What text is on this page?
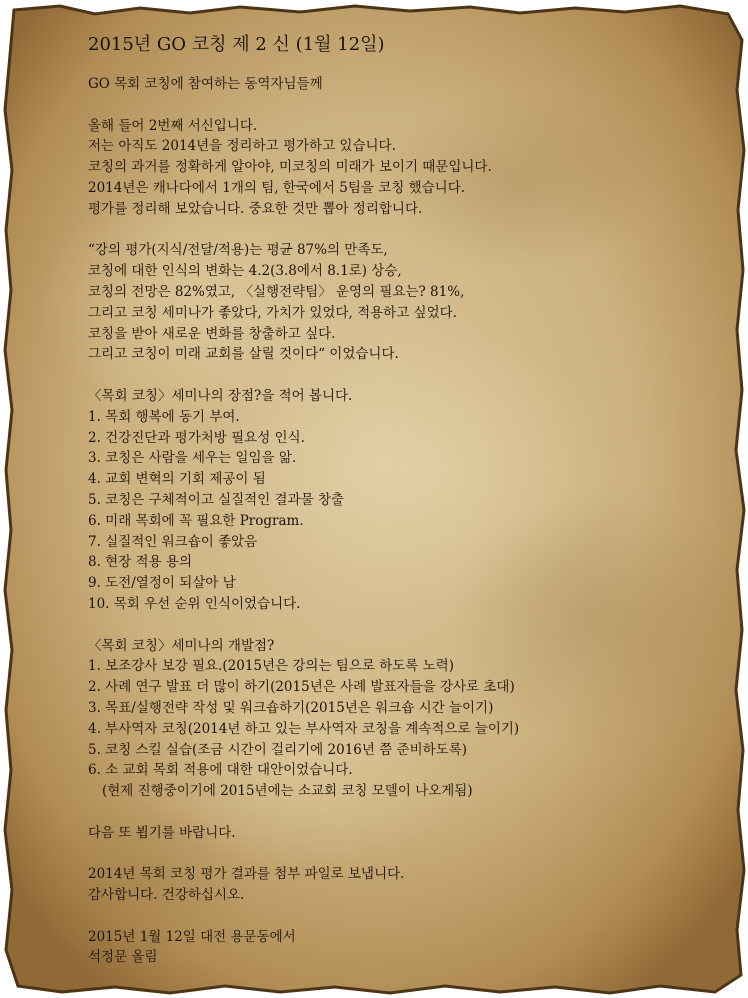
2015년 GO 코칭 제 2 신 (1월 12일)
GO 목회 코칭에 참여하는 동역자님들께
올해 들어 2번째 서신입니다.
저는 아직도 2014년을 정리하고 평가하고 있습니다.
코칭의 과거를 정확하게 알아야, 미코칭의 미래가 보이기 때문입니다.
2014년은 캐나다에서 1개의 팀, 한국에서 5팀을 코칭 했습니다.
평가를 정리해 보았습니다. 중요한 것만 뽑아 정리합니다.
“강의 평가(지식/전달/적용)는 평균 87%의 만족도,
코칭에 대한 인식의 변화는 4.2(3.8에서 8.1로) 상승,
코칭의 전망은 82%였고, 〈실행전략팀〉 운영의 필요는? 81%,
그리고 코칭 세미나가 좋았다, 가치가 있었다, 적용하고 싶었다.
코칭을 받아 새로운 변화를 창출하고 싶다.
그리고 코칭이 미래 교회를 살릴 것이다“ 이었습니다.
〈목회 코칭〉세미나의 장점?을 적어 봅니다.
1. 목회 행복에 동기 부여.
2. 건강진단과 평가처방 필요성 인식.
3. 코칭은 사람을 세우는 일임을 앎.
4. 교회 변혁의 기회 제공이 됨
5. 코칭은 구체적이고 실질적인 결과물 창출
6. 미래 목회에 꼭 필요한 Program.
7. 실질적인 워크숍이 좋았음
8. 현장 적용 용의
9. 도전/열정이 되살아 남
10. 목회 우선 순위 인식이었습니다.
〈목회 코칭〉세미나의 개발점?
1. 보조강사 보강 필요.(2015년은 강의는 팀으로 하도록 노력)
2. 사례 연구 발표 더 많이 하기(2015년은 사례 발표자들을 강사로 초대)
3. 목표/실행전략 작성 및 워크숍하기(2015년은 워크숍 시간 늘이기)
4. 부사역자 코칭(2014년 하고 있는 부사역자 코칭을 계속적으로 늘이기)
5. 코칭 스킬 실습(조금 시간이 걸리기에 2016년 쯤 준비하도록)
6. 소 교회 목회 적용에 대한 대안이었습니다.
(현제 진행중이기에 2015년에는 소교회 코칭 모델이 나오게됨)
다음 또 뵙기를 바랍니다.
2014년 목회 코칭 평가 결과를 첨부 파일로 보냅니다.
감사합니다. 건강하십시오.
2015년 1월 12일 대전 용문동에서
석정문 올림
